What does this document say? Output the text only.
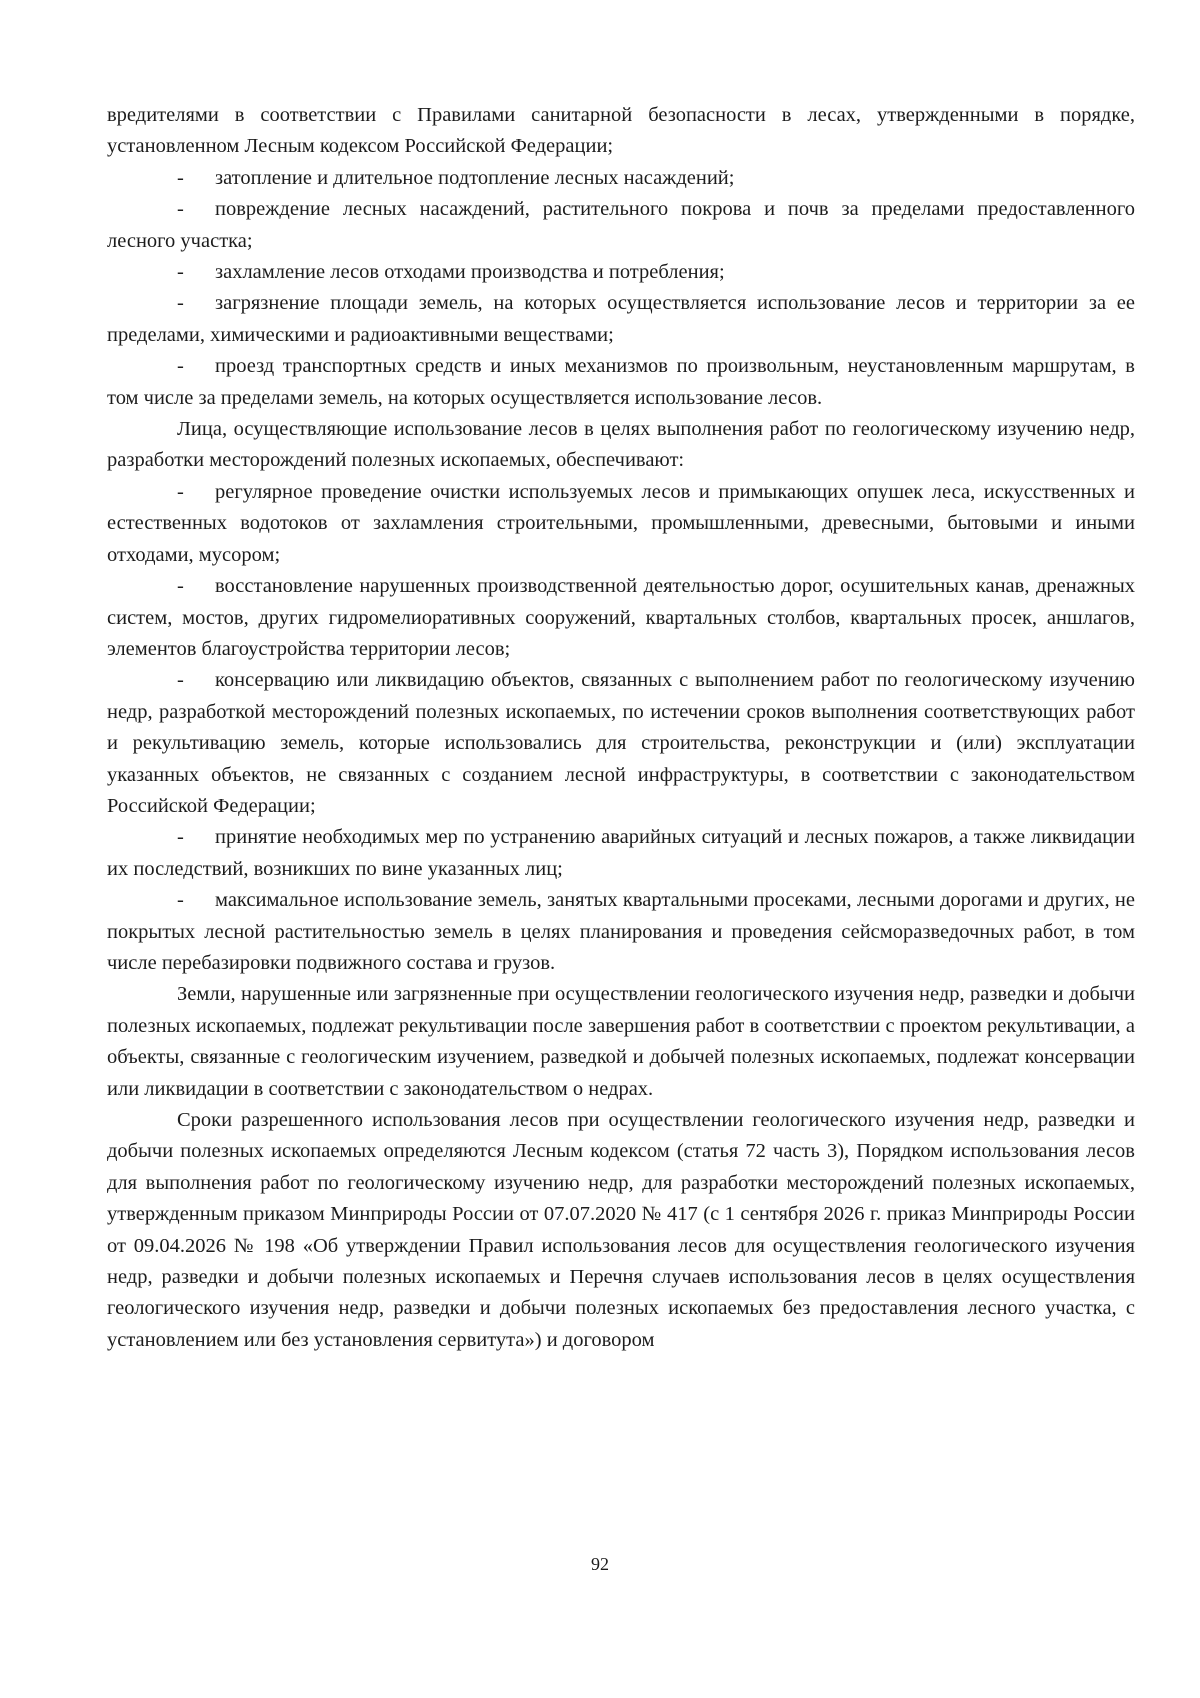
вредителями в соответствии с Правилами санитарной безопасности в лесах, утвержденными в порядке, установленном Лесным кодексом Российской Федерации;

- затопление и длительное подтопление лесных насаждений;

- повреждение лесных насаждений, растительного покрова и почв за пределами предоставленного лесного участка;

- захламление лесов отходами производства и потребления;

- загрязнение площади земель, на которых осуществляется использование лесов и территории за ее пределами, химическими и радиоактивными веществами;

- проезд транспортных средств и иных механизмов по произвольным, неустановленным маршрутам, в том числе за пределами земель, на которых осуществляется использование лесов.

Лица, осуществляющие использование лесов в целях выполнения работ по геологическому изучению недр, разработки месторождений полезных ископаемых, обеспечивают:

- регулярное проведение очистки используемых лесов и примыкающих опушек леса, искусственных и естественных водотоков от захламления строительными, промышленными, древесными, бытовыми и иными отходами, мусором;

- восстановление нарушенных производственной деятельностью дорог, осушительных канав, дренажных систем, мостов, других гидромелиоративных сооружений, квартальных столбов, квартальных просек, аншлагов, элементов благоустройства территории лесов;

- консервацию или ликвидацию объектов, связанных с выполнением работ по геологическому изучению недр, разработкой месторождений полезных ископаемых, по истечении сроков выполнения соответствующих работ и рекультивацию земель, которые использовались для строительства, реконструкции и (или) эксплуатации указанных объектов, не связанных с созданием лесной инфраструктуры, в соответствии с законодательством Российской Федерации;

- принятие необходимых мер по устранению аварийных ситуаций и лесных пожаров, а также ликвидации их последствий, возникших по вине указанных лиц;

- максимальное использование земель, занятых квартальными просеками, лесными дорогами и других, не покрытых лесной растительностью земель в целях планирования и проведения сейсморазведочных работ, в том числе перебазировки подвижного состава и грузов.

Земли, нарушенные или загрязненные при осуществлении геологического изучения недр, разведки и добычи полезных ископаемых, подлежат рекультивации после завершения работ в соответствии с проектом рекультивации, а объекты, связанные с геологическим изучением, разведкой и добычей полезных ископаемых, подлежат консервации или ликвидации в соответствии с законодательством о недрах.

Сроки разрешенного использования лесов при осуществлении геологического изучения недр, разведки и добычи полезных ископаемых определяются Лесным кодексом (статья 72 часть 3), Порядком использования лесов для выполнения работ по геологическому изучению недр, для разработки месторождений полезных ископаемых, утвержденным приказом Минприроды России от 07.07.2020 № 417 (с 1 сентября 2026 г. приказ Минприроды России от 09.04.2026 № 198 «Об утверждении Правил использования лесов для осуществления геологического изучения недр, разведки и добычи полезных ископаемых и Перечня случаев использования лесов в целях осуществления геологического изучения недр, разведки и добычи полезных ископаемых без предоставления лесного участка, с установлением или без установления сервитута») и договором

92
